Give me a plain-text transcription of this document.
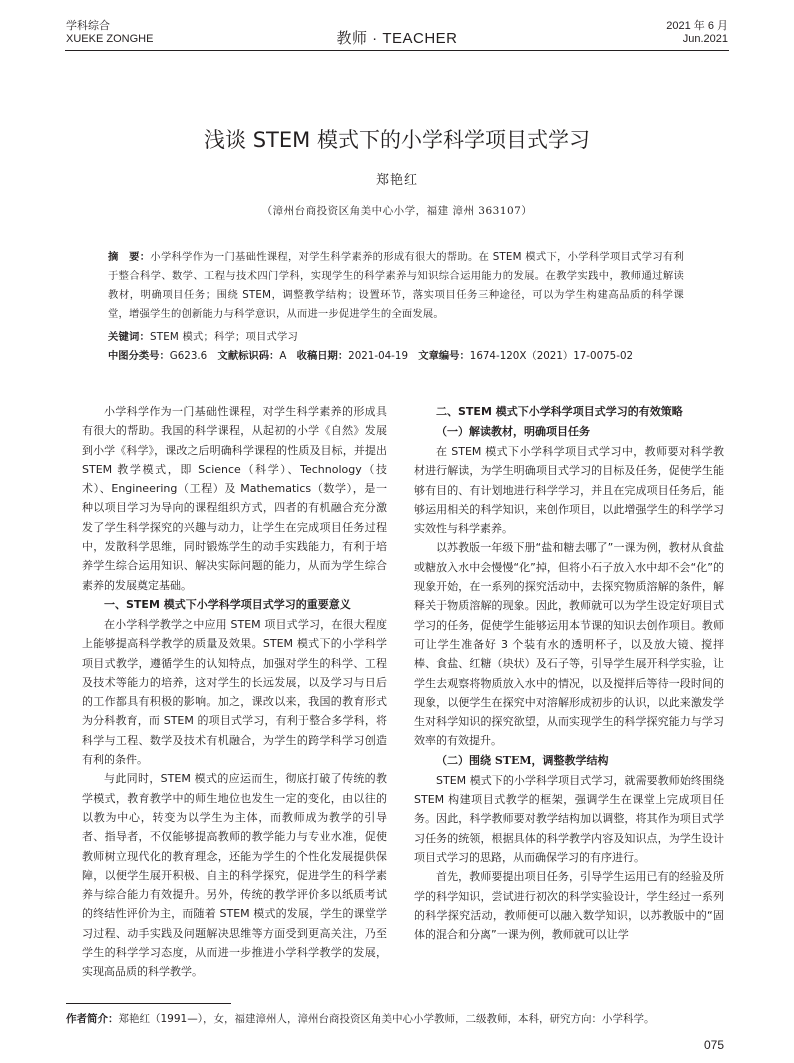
学科综合
XUEKE ZONGHE	教师 · TEACHER
2021 年 6 月
Jun.2021
浅谈 STEM 模式下的小学科学项目式学习
郑艳红
（漳州台商投资区角美中心小学，福建 漳州 363107）
摘　要：小学科学作为一门基础性课程，对学生科学素养的形成有很大的帮助。在 STEM 模式下，小学科学项目式学习有利于整合科学、数学、工程与技术四门学科，实现学生的科学素养与知识综合运用能力的发展。在教学实践中，教师通过解读教材，明确项目任务；围绕 STEM，调整教学结构；设置环节，落实项目任务三种途径，可以为学生构建高品质的科学课堂，增强学生的创新能力与科学意识，从而进一步促进学生的全面发展。
关键词：STEM 模式；科学；项目式学习
中图分类号：G623.6　 文献标识码：A　 收稿日期：2021-04-19　 文章编号：1674-120X（2021）17-0075-02

小学科学作为一门基础性课程，对学生科学素养的形成具有很大的帮助。我国的科学课程，从起初的小学《自然》发展到小学《科学》，课改之后明确科学课程的性质及目标，并提出 STEM 教学模式，即 Science（科学）、Technology（技术）、Engineering（工程）及 Mathematics（数学），是一种以项目学习为导向的课程组织方式，四者的有机融合充分激发了学生科学探究的兴趣与动力，让学生在完成项目任务过程中，发散科学思维，同时锻炼学生的动手实践能力，有利于培养学生综合运用知识、解决实际问题的能力，从而为学生综合素养的发展奠定基础。

一、STEM 模式下小学科学项目式学习的重要意义

在小学科学教学之中应用 STEM 项目式学习，在很大程度上能够提高科学教学的质量及效果。STEM 模式下的小学科学项目式教学，遵循学生的认知特点，加强对学生的科学、工程及技术等能力的培养，这对学生的长远发展，以及学习与日后的工作都具有积极的影响。加之，课改以来，我国的教育形式为分科教育，而 STEM 的项目式学习，有利于整合多学科，将科学与工程、数学及技术有机融合，为学生的跨学科学习创造有利的条件。

与此同时，STEM 模式的应运而生，彻底打破了传统的教学模式，教育教学中的师生地位也发生一定的变化，由以往的以教为中心，转变为以学生为主体，而教师成为教学的引导者、指导者，不仅能够提高教师的教学能力与专业水准，促使教师树立现代化的教育理念，还能为学生的个性化发展提供保障，以便学生展开积极、自主的科学探究，促进学生的科学素养与综合能力有效提升。另外，传统的教学评价多以纸质考试的终结性评价为主，而随着 STEM 模式的发展，学生的课堂学习过程、动手实践及问题解决思维等方面受到更高关注，乃至学生的科学学习态度，从而进一步推进小学科学教学的发展，实现高品质的科学教学。

二、STEM 模式下小学科学项目式学习的有效策略
（一）解读教材，明确项目任务

在 STEM 模式下小学科学项目式学习中，教师要对科学教材进行解读，为学生明确项目式学习的目标及任务，促使学生能够有目的、有计划地进行科学学习，并且在完成项目任务后，能够运用相关的科学知识，来创作项目，以此增强学生的科学学习实效性与科学素养。

以苏教版一年级下册“盐和糖去哪了”一课为例，教材从食盐或糖放入水中会慢慢“化”掉，但将小石子放入水中却不会“化”的现象开始，在一系列的探究活动中，去探究物质溶解的条件，解释关于物质溶解的现象。因此，教师就可以为学生设定好项目式学习的任务，促使学生能够运用本节课的知识去创作项目。教师可让学生准备好 3 个装有水的透明杯子，以及放大镜、搅拌棒、食盐、红糖（块状）及石子等，引导学生展开科学实验，让学生去观察将物质放入水中的情况，以及搅拌后等待一段时间的现象，以便学生在探究中对溶解形成初步的认识，以此来激发学生对科学知识的探究欲望，从而实现学生的科学探究能力与学习效率的有效提升。

（二）围绕 STEM，调整教学结构

STEM 模式下的小学科学项目式学习，就需要教师始终围绕 STEM 构建项目式教学的框架，强调学生在课堂上完成项目任务。因此，科学教师要对教学结构加以调整，将其作为项目式学习任务的统领，根据具体的科学教学内容及知识点，为学生设计项目式学习的思路，从而确保学习的有序进行。

首先，教师要提出项目任务，引导学生运用已有的经验及所学的科学知识，尝试进行初次的科学实验设计，学生经过一系列的科学探究活动，教师便可以融入数学知识，以苏教版中的“固体的混合和分离”一课为例，教师就可以让学

作者简介：郑艳红（1991—），女，福建漳州人，漳州台商投资区角美中心小学教师，二级教师，本科，研究方向：小学科学。
075
